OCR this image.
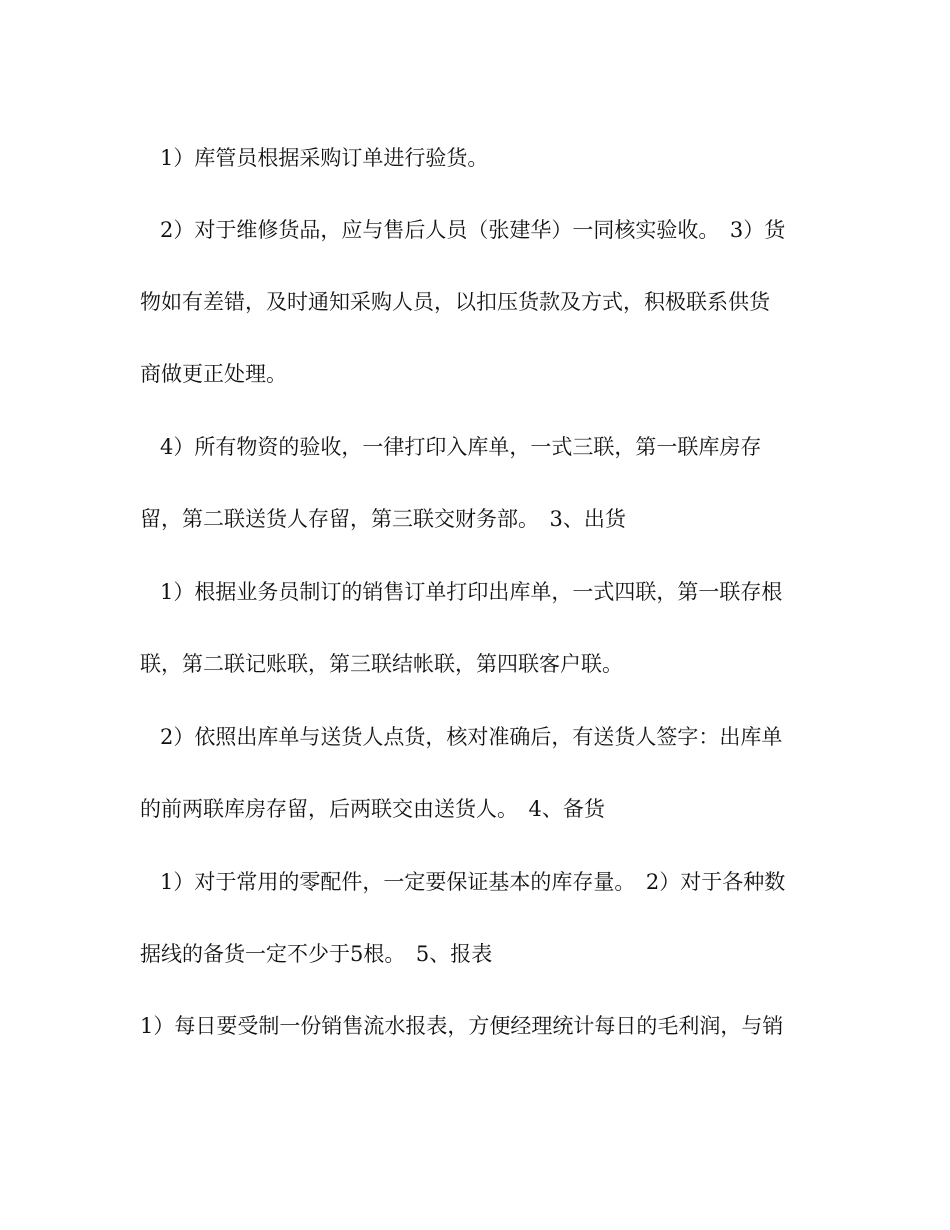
1）库管员根据采购订单进行验货。
2）对于维修货品，应与售后人员（张建华）一同核实验收。　3）货
物如有差错，及时通知采购人员，以扣压货款及方式，积极联系供货
商做更正处理。
4）所有物资的验收，一律打印入库单，一式三联，第一联库房存
留，第二联送货人存留，第三联交财务部。　3、出货
1）根据业务员制订的销售订单打印出库单，一式四联，第一联存根
联，第二联记账联，第三联结帐联，第四联客户联。
2）依照出库单与送货人点货，核对准确后，有送货人签字：出库单
的前两联库房存留，后两联交由送货人。　4、备货
1）对于常用的零配件，一定要保证基本的库存量。　2）对于各种数
据线的备货一定不少于5根。　5、报表
1）每日要受制一份销售流水报表，方便经理统计每日的毛利润，与销
